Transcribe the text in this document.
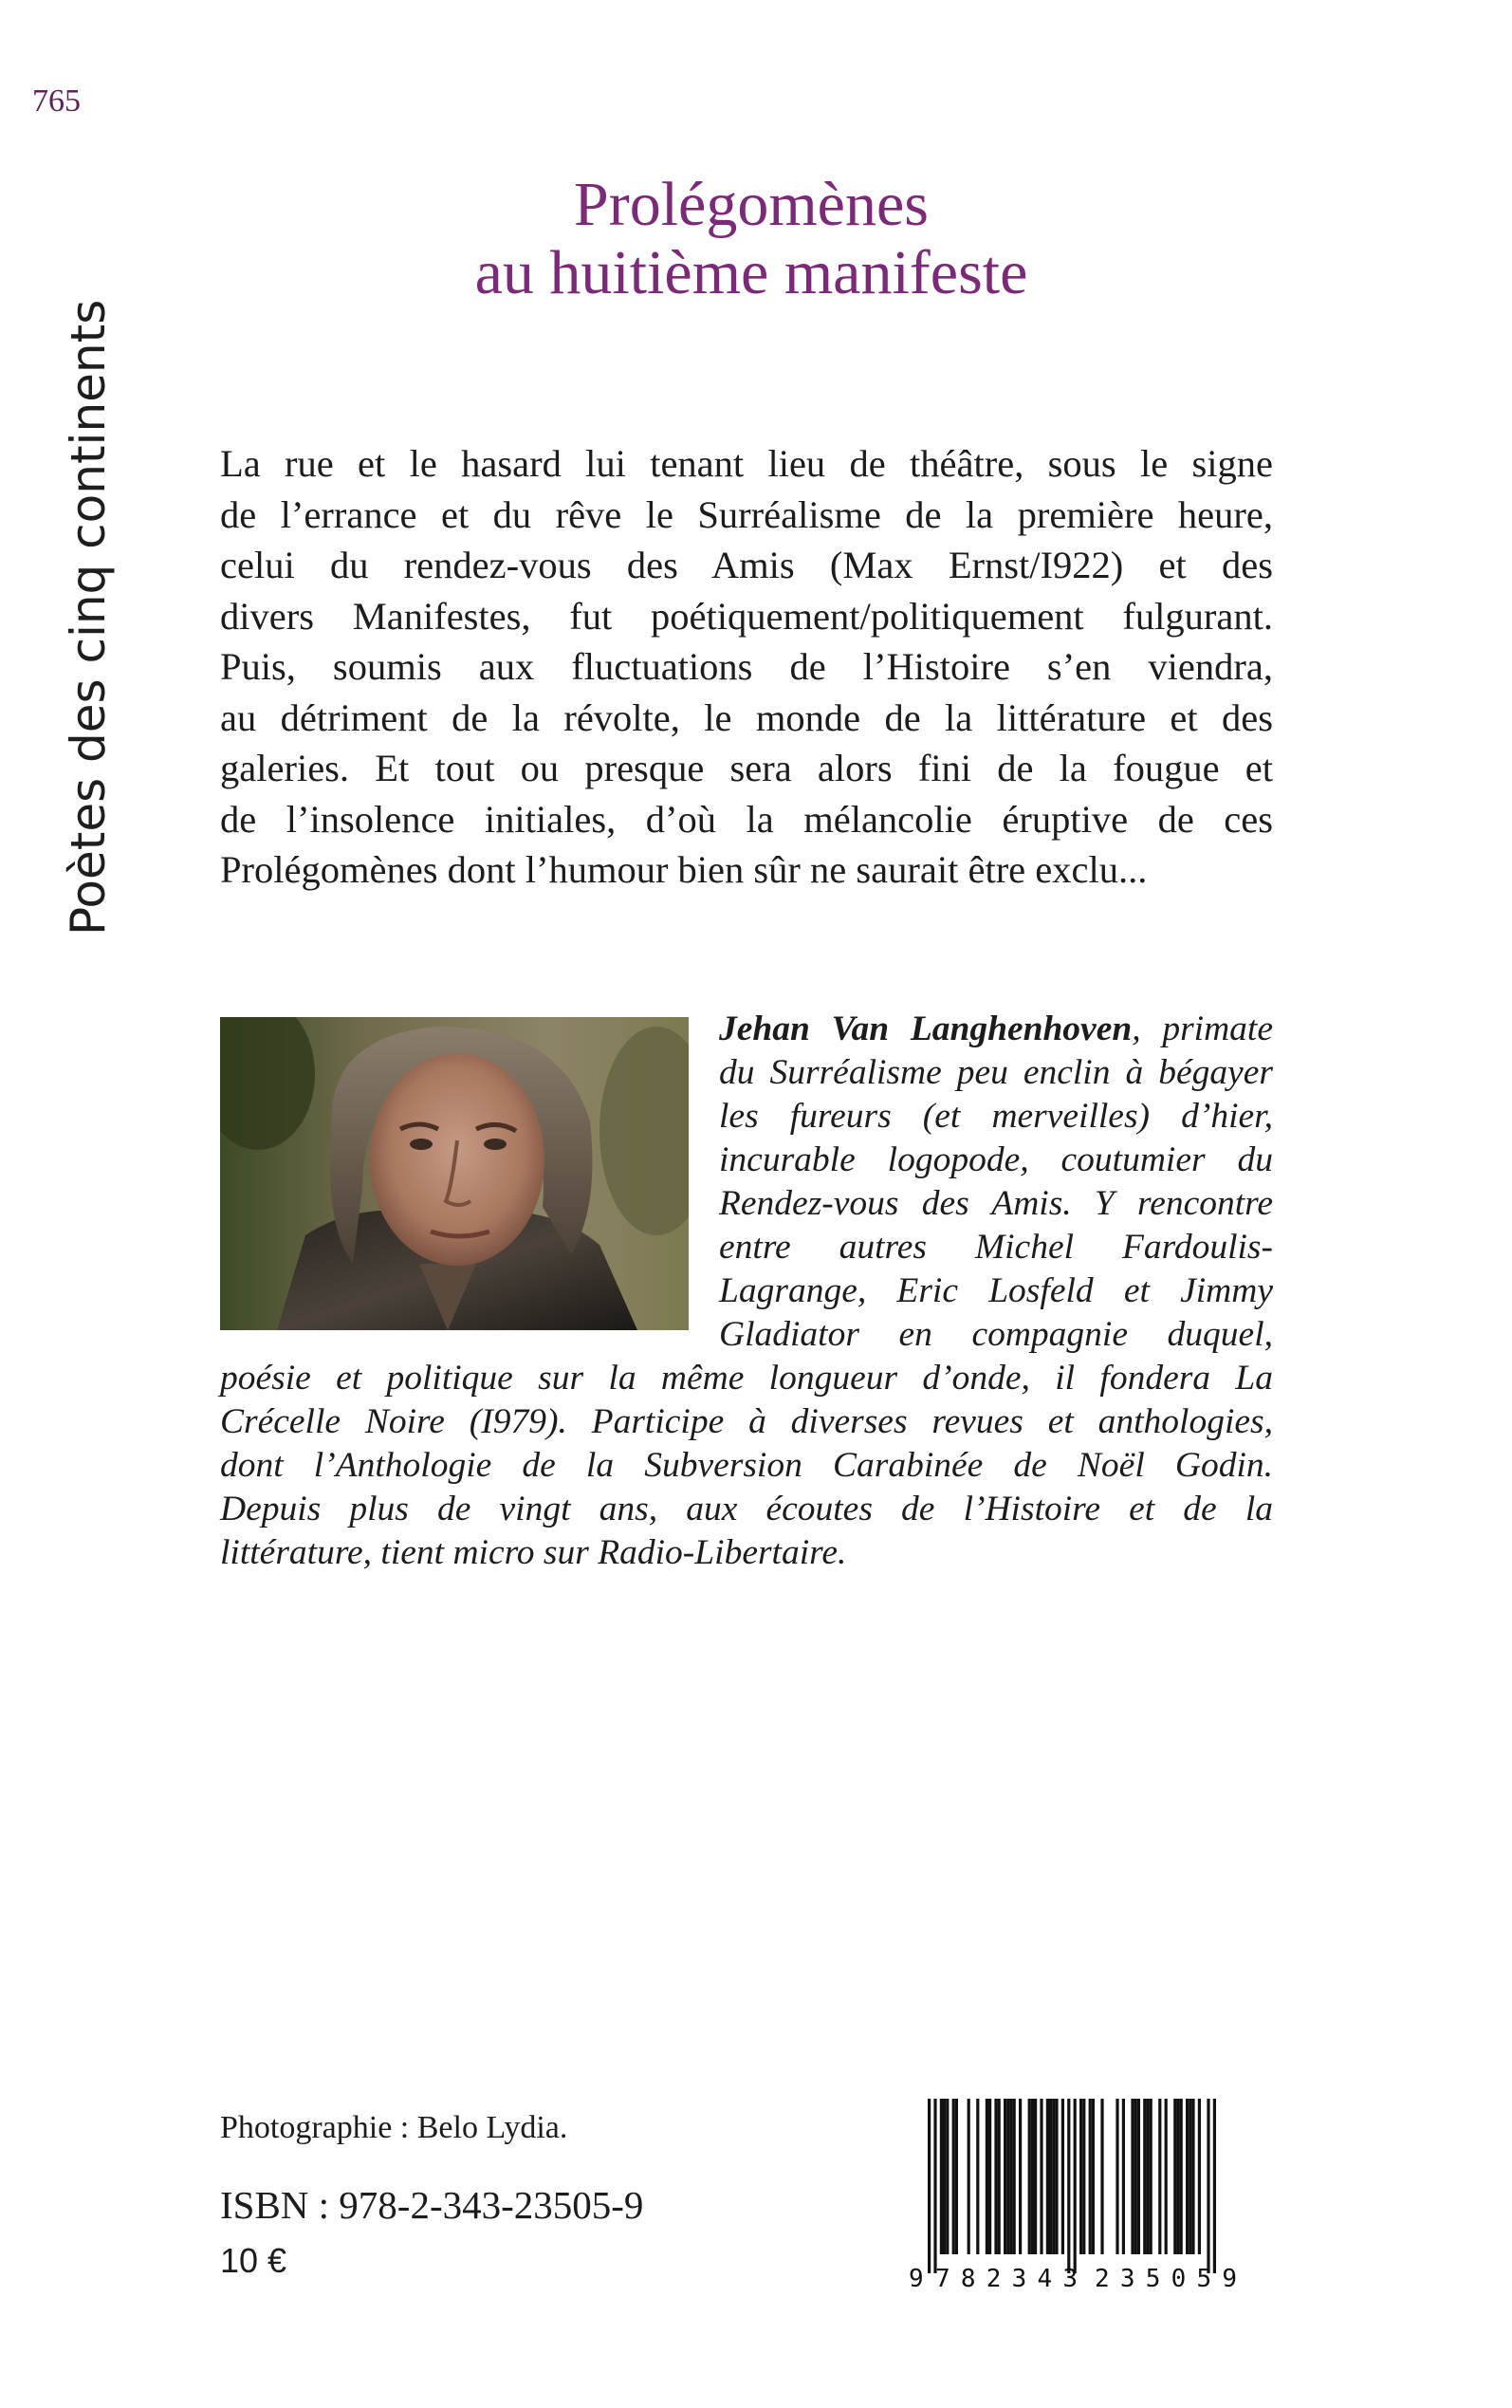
765
Poètes des cinq continents
Prolégomènes
au huitième manifeste

La rue et le hasard lui tenant lieu de théâtre, sous le signe
de l’errance et du rêve le Surréalisme de la première heure,
celui du rendez-vous des Amis (Max Ernst/I922) et des
divers Manifestes, fut poétiquement/politiquement fulgurant.
Puis, soumis aux fluctuations de l’Histoire s’en viendra,
au détriment de la révolte, le monde de la littérature et des
galeries. Et tout ou presque sera alors fini de la fougue et
de l’insolence initiales, d’où la mélancolie éruptive de ces
Prolégomènes dont l’humour bien sûr ne saurait être exclu...

Jehan Van Langhenhoven, primate
du Surréalisme peu enclin à bégayer
les fureurs (et merveilles) d’hier,
incurable logopode, coutumier du
Rendez-vous des Amis. Y rencontre
entre autres Michel Fardoulis-
Lagrange, Eric Losfeld et Jimmy
Gladiator en compagnie duquel,
poésie et politique sur la même longueur d’onde, il fondera La
Crécelle Noire (I979). Participe à diverses revues et anthologies,
dont l’Anthologie de la Subversion Carabinée de Noël Godin.
Depuis plus de vingt ans, aux écoutes de l’Histoire et de la
littérature, tient micro sur Radio-Libertaire.

Photographie : Belo Lydia.
ISBN : 978-2-343-23505-9
10 €	9 782343 235059
